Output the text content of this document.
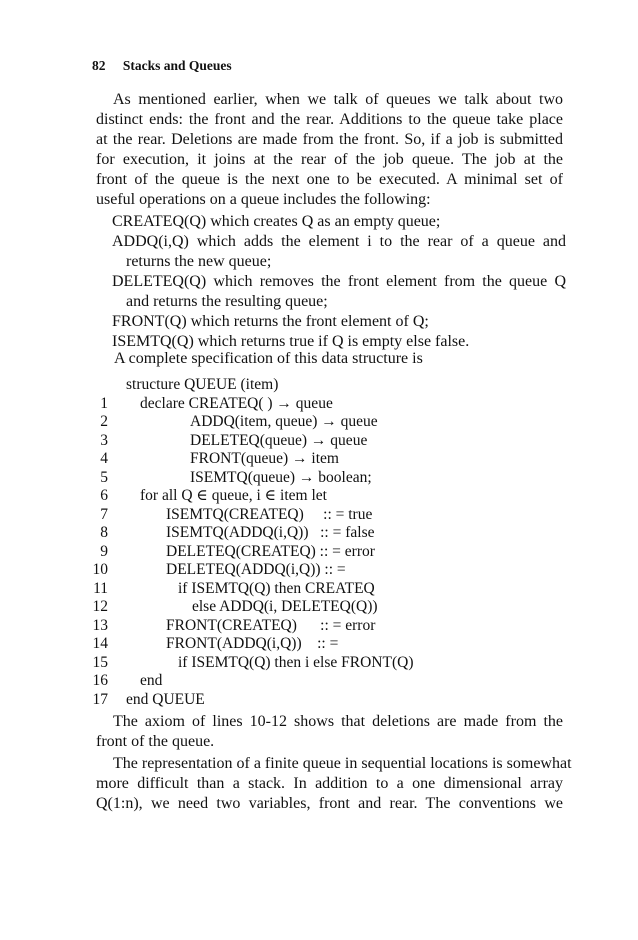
82 Stacks and Queues
As mentioned earlier, when we talk of queues we talk about two
distinct ends: the front and the rear. Additions to the queue take place
at the rear. Deletions are made from the front. So, if a job is submitted
for execution, it joins at the rear of the job queue. The job at the
front of the queue is the next one to be executed. A minimal set of
useful operations on a queue includes the following:
CREATEQ(Q) which creates Q as an empty queue;
ADDQ(i,Q) which adds the element i to the rear of a queue and
returns the new queue;
DELETEQ(Q) which removes the front element from the queue Q
and returns the resulting queue;
FRONT(Q) which returns the front element of Q;
ISEMTQ(Q) which returns true if Q is empty else false.
A complete specification of this data structure is
structure QUEUE (item)
1 declare CREATEQ( ) → queue
2	ADDQ(item, queue) → queue
3	DELETEQ(queue) → queue
4	FRONT(queue) → item
5	ISEMTQ(queue) → boolean;
6 for all Q ∈ queue, i ∈ item let
7	ISEMTQ(CREATEQ)     :: = true
8	ISEMTQ(ADDQ(i,Q))   :: = false
9	DELETEQ(CREATEQ) :: = error
10	DELETEQ(ADDQ(i,Q)) :: =
11	if ISEMTQ(Q) then CREATEQ
12	else ADDQ(i, DELETEQ(Q))
13	FRONT(CREATEQ)      :: = error
14	FRONT(ADDQ(i,Q))    :: =
15	if ISEMTQ(Q) then i else FRONT(Q)
16 end
17 end QUEUE
The axiom of lines 10-12 shows that deletions are made from the
front of the queue.
The representation of a finite queue in sequential locations is somewhat
more difficult than a stack. In addition to a one dimensional array
Q(1:n), we need two variables, front and rear. The conventions we
